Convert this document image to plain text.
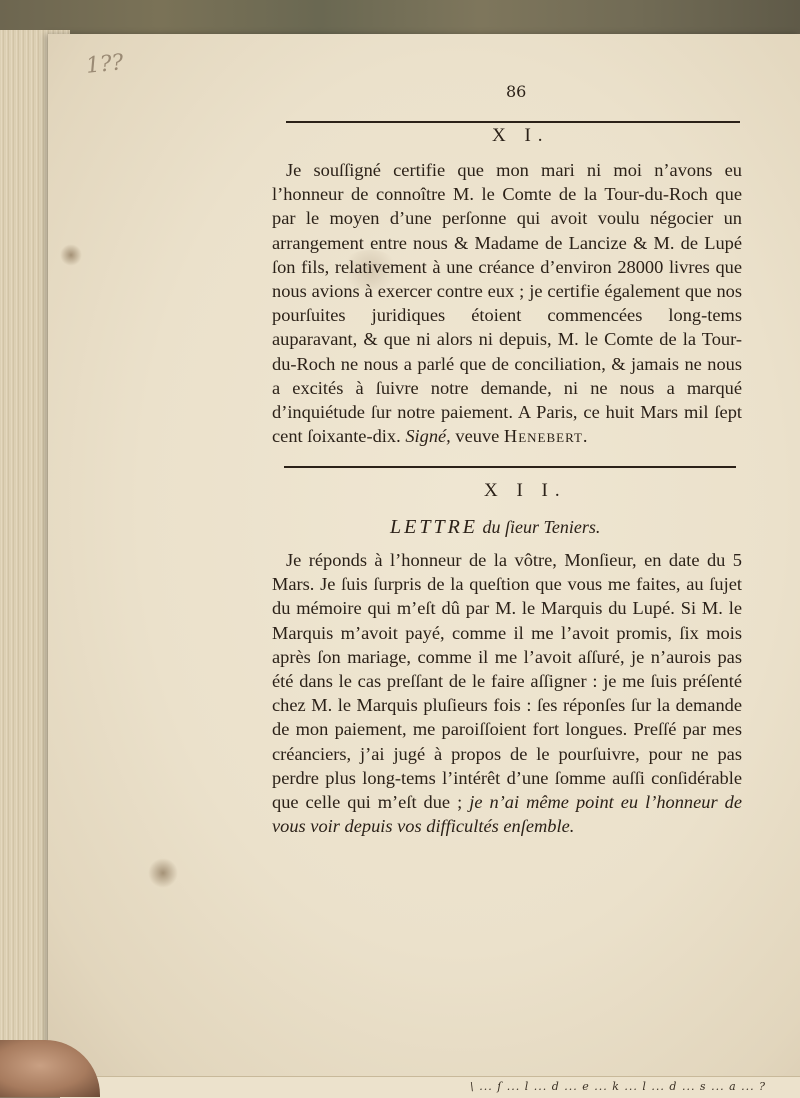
\ ... ſ ... l ... d ... e ... k ... l ... d ... s ... a ... ?
1??
86
X I.

Je souſſigné certifie que mon mari ni moi n’avons eu l’honneur de connoître M. le Comte de la Tour-du-Roch que par le moyen d’une perſonne qui avoit voulu négocier un arrangement entre nous & Madame de Lancize & M. de Lupé ſon fils, relativement à une créance d’environ 28000 livres que nous avions à exercer contre eux ; je certifie également que nos pourſuites juridiques étoient commencées long-tems auparavant, & que ni alors ni depuis, M. le Comte de la Tour-du-Roch ne nous a parlé que de conciliation, & jamais ne nous a excités à ſuivre notre demande, ni ne nous a marqué d’inquiétude ſur notre paiement. A Paris, ce huit Mars mil ſept cent ſoixante-dix. Signé, veuve Henebert.

X I I.
LETTRE du ſieur Teniers.

Je réponds à l’honneur de la vôtre, Monſieur, en date du 5 Mars. Je ſuis ſurpris de la queſtion que vous me faites, au ſujet du mémoire qui m’eſt dû par M. le Marquis du Lupé. Si M. le Marquis m’avoit payé, comme il me l’avoit promis, ſix mois après ſon mariage, comme il me l’avoit aſſuré, je n’aurois pas été dans le cas preſſant de le faire aſſigner : je me ſuis préſenté chez M. le Marquis pluſieurs fois : ſes réponſes ſur la demande de mon paiement, me paroiſſoient fort longues. Preſſé par mes créanciers, j’ai jugé à propos de le pourſuivre, pour ne pas perdre plus long-tems l’intérêt d’une ſomme auſſi conſidérable que celle qui m’eſt due ; je n’ai même point eu l’honneur de vous voir depuis vos difficultés enſemble.
